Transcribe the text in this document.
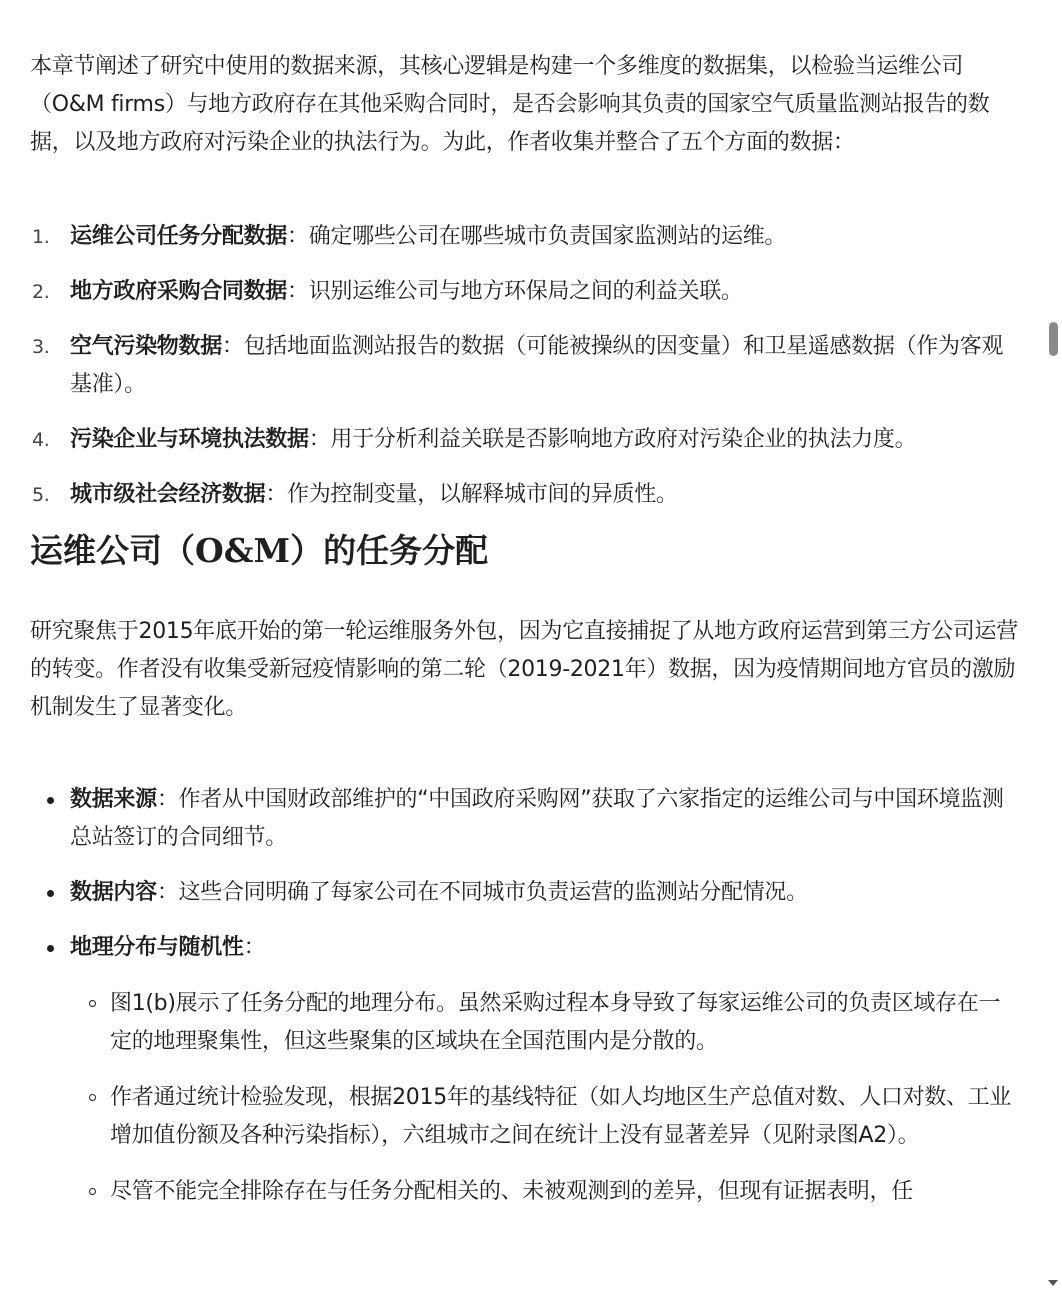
本章节阐述了研究中使用的数据来源，其核心逻辑是构建一个多维度的数据集，以检验当运维公司（O&M firms）与地方政府存在其他采购合同时，是否会影响其负责的国家空气质量监测站报告的数据，以及地方政府对污染企业的执法行为。为此，作者收集并整合了五个方面的数据：

1. 运维公司任务分配数据：确定哪些公司在哪些城市负责国家监测站的运维。
2. 地方政府采购合同数据：识别运维公司与地方环保局之间的利益关联。
3. 空气污染物数据：包括地面监测站报告的数据（可能被操纵的因变量）和卫星遥感数据（作为客观基准）。
4. 污染企业与环境执法数据：用于分析利益关联是否影响地方政府对污染企业的执法力度。
5. 城市级社会经济数据：作为控制变量，以解释城市间的异质性。
运维公司（O&M）的任务分配

研究聚焦于2015年底开始的第一轮运维服务外包，因为它直接捕捉了从地方政府运营到第三方公司运营的转变。作者没有收集受新冠疫情影响的第二轮（2019-2021年）数据，因为疫情期间地方官员的激励机制发生了显著变化。

数据来源：作者从中国财政部维护的“中国政府采购网”获取了六家指定的运维公司与中国环境监测总站签订的合同细节。
数据内容：这些合同明确了每家公司在不同城市负责运营的监测站分配情况。
地理分布与随机性：
图1(b)展示了任务分配的地理分布。虽然采购过程本身导致了每家运维公司的负责区域存在一定的地理聚集性，但这些聚集的区域块在全国范围内是分散的。
作者通过统计检验发现，根据2015年的基线特征（如人均地区生产总值对数、人口对数、工业增加值份额及各种污染指标），六组城市之间在统计上没有显著差异（见附录图A2）。
尽管不能完全排除存在与任务分配相关的、未被观测到的差异，但现有证据表明，任
